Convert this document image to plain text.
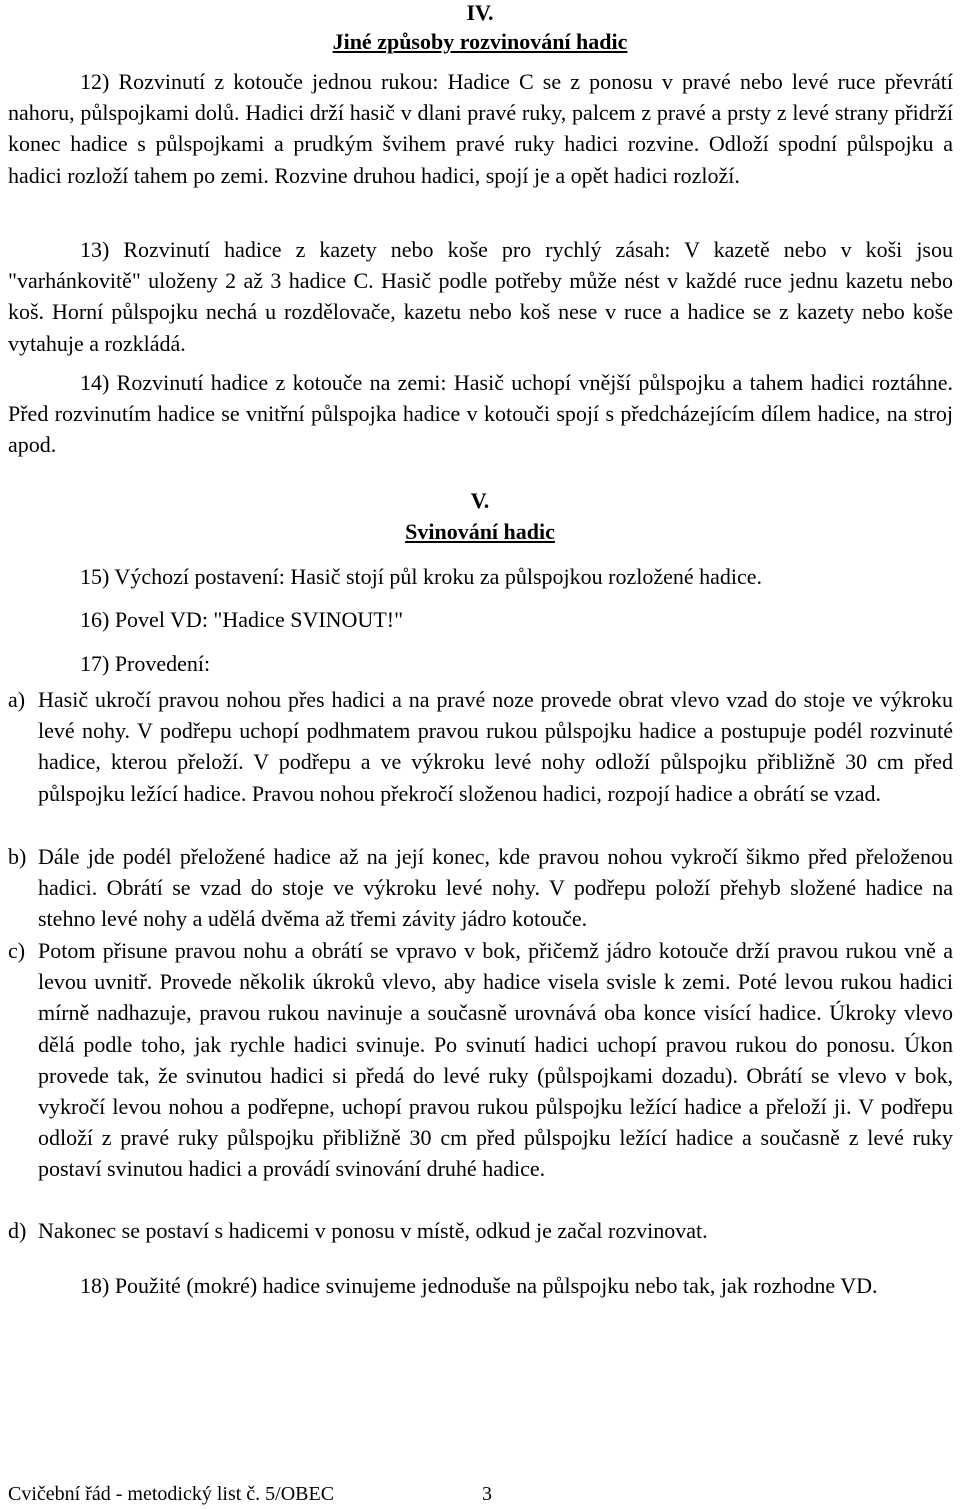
IV.
Jiné způsoby rozvinování hadic

12) Rozvinutí z kotouče jednou rukou: Hadice C se z ponosu v pravé nebo levé ruce převrátí nahoru, půlspojkami dolů. Hadici drží hasič v dlani pravé ruky, palcem z pravé a prsty z levé strany přidrží konec hadice s půlspojkami a prudkým švihem pravé ruky hadici rozvine. Odloží spodní půlspojku a hadici rozloží tahem po zemi. Rozvine druhou hadici, spojí je a opět hadici rozloží.

13) Rozvinutí hadice z kazety nebo koše pro rychlý zásah: V kazetě nebo v koši jsou "varhánkovitě" uloženy 2 až 3 hadice C. Hasič podle potřeby může nést v každé ruce jednu kazetu nebo koš. Horní půlspojku nechá u rozdělovače, kazetu nebo koš nese v ruce a hadice se z kazety nebo koše vytahuje a rozkládá.

14) Rozvinutí hadice z kotouče na zemi: Hasič uchopí vnější půlspojku a tahem hadici roztáhne. Před rozvinutím hadice se vnitřní půlspojka hadice v kotouči spojí s předcházejícím dílem hadice, na stroj apod.

V.
Svinování hadic

15) Výchozí postavení: Hasič stojí půl kroku za půlspojkou rozložené hadice.

16) Povel VD: "Hadice SVINOUT!"

17) Provedení:

a) Hasič ukročí pravou nohou přes hadici a na pravé noze provede obrat vlevo vzad do stoje ve výkroku levé nohy. V podřepu uchopí podhmatem pravou rukou půlspojku hadice a postupuje podél rozvinuté hadice, kterou přeloží. V podřepu a ve výkroku levé nohy odloží půlspojku přibližně 30 cm před půlspojku ležící hadice. Pravou nohou překročí složenou hadici, rozpojí hadice a obrátí se vzad.
b) Dále jde podél přeložené hadice až na její konec, kde pravou nohou vykročí šikmo před přeloženou hadici. Obrátí se vzad do stoje ve výkroku levé nohy. V podřepu položí přehyb složené hadice na stehno levé nohy a udělá dvěma až třemi závity jádro kotouče.
c) Potom přisune pravou nohu a obrátí se vpravo v bok, přičemž jádro kotouče drží pravou rukou vně a levou uvnitř. Provede několik úkroků vlevo, aby hadice visela svisle k zemi. Poté levou rukou hadici mírně nadhazuje, pravou rukou navinuje a současně urovnává oba konce visící hadice. Úkroky vlevo dělá podle toho, jak rychle hadici svinuje. Po svinutí hadici uchopí pravou rukou do ponosu. Úkon provede tak, že svinutou hadici si předá do levé ruky (půlspojkami dozadu). Obrátí se vlevo v bok, vykročí levou nohou a podřepne, uchopí pravou rukou půlspojku ležící hadice a přeloží ji. V podřepu odloží z pravé ruky půlspojku přibližně 30 cm před půlspojku ležící hadice a současně z levé ruky postaví svinutou hadici a provádí svinování druhé hadice.
d) Nakonec se postaví s hadicemi v ponosu v místě, odkud je začal rozvinovat.

18) Použité (mokré) hadice svinujeme jednoduše na půlspojku nebo tak, jak rozhodne VD.

Cvičební řád - metodický list č. 5/OBEC	3
